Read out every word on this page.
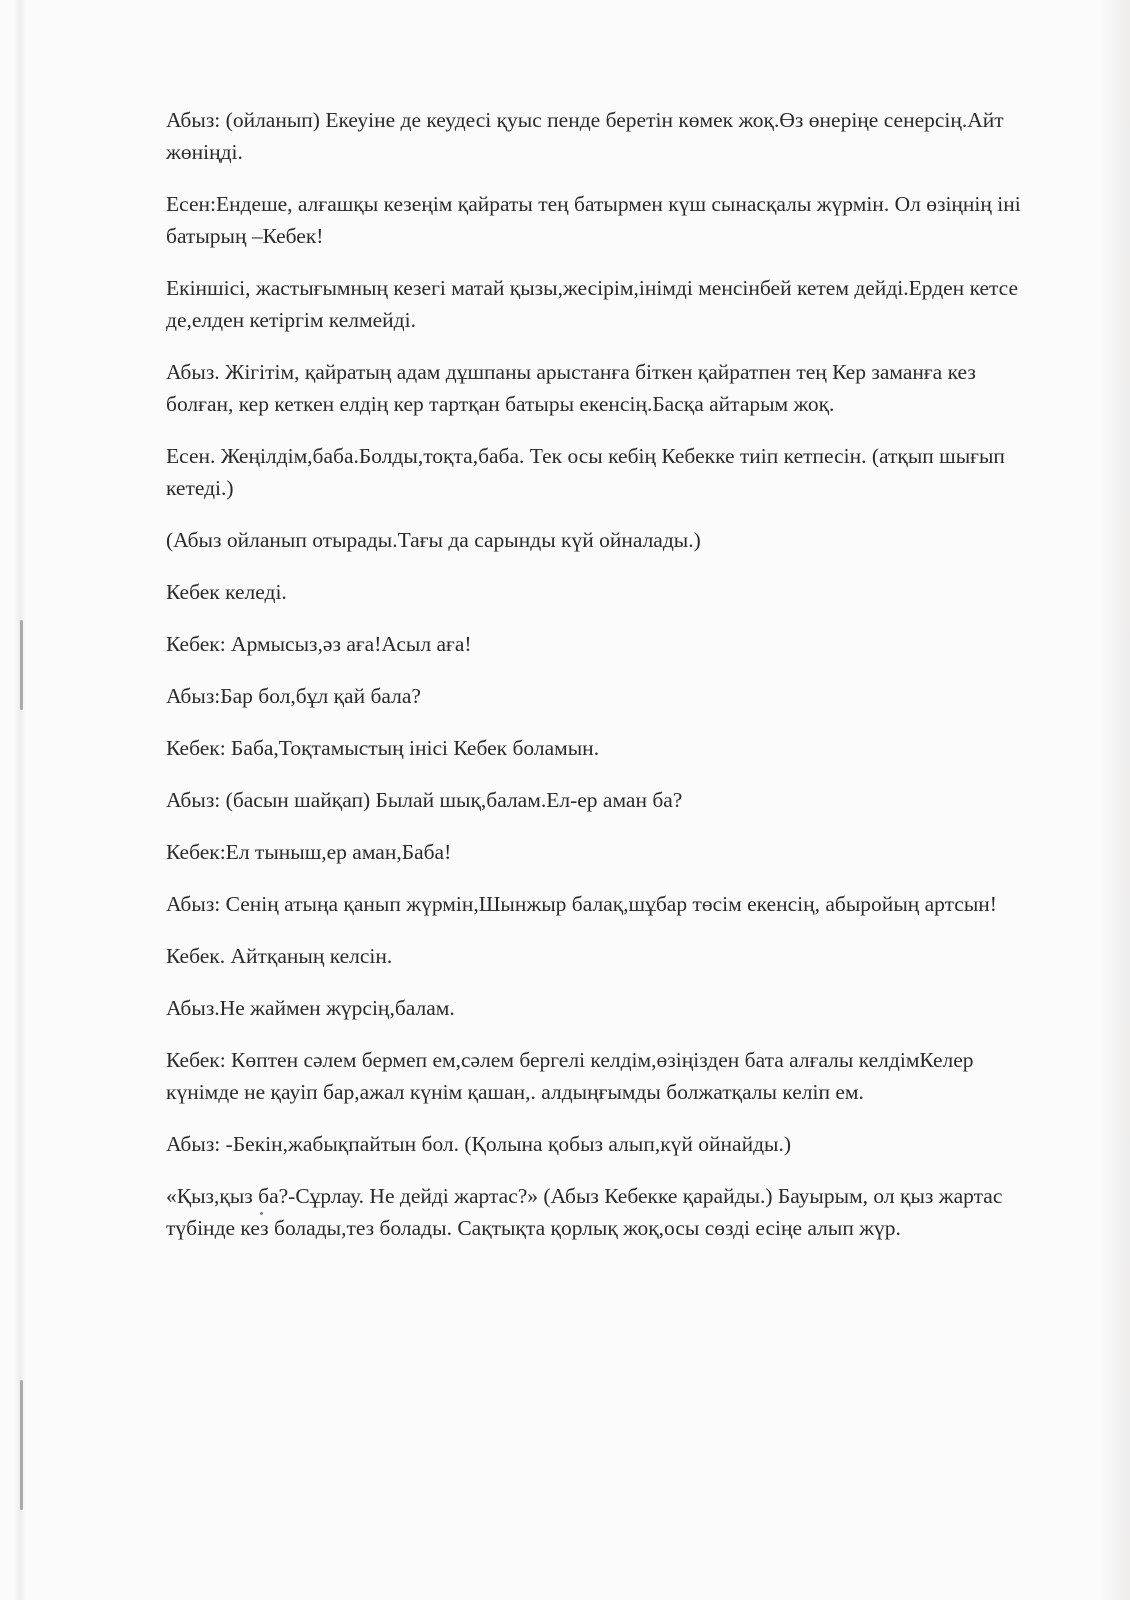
Абыз: (ойланып) Екеуіне де кеудесі қуыс пенде беретін көмек жоқ.Өз өнеріңе сенерсің.Айт жөніңді.

Есен:Ендеше, алғашқы кезеңім қайраты тең батырмен күш сынасқалы жүрмін. Ол өзіңнің іні батырың –Кебек!

Екіншісі, жастығымның кезегі матай қызы,жесірім,інімді менсінбей кетем дейді.Ерден кетсе де,елден кетіргім келмейді.

Абыз. Жігітім, қайратың адам дұшпаны арыстанға біткен қайратпен тең Кер заманға кез болған, кер кеткен елдің кер тартқан батыры екенсің.Басқа айтарым жоқ.

Есен. Жеңілдім,баба.Болды,тоқта,баба. Тек осы кебің Кебекке тиіп кетпесін. (атқып шығып кетеді.)

(Абыз ойланып отырады.Тағы да сарынды күй ойналады.)

Кебек келеді.

Кебек: Армысыз,әз аға!Асыл аға!

Абыз:Бар бол,бұл қай бала?

Кебек: Баба,Тоқтамыстың інісі Кебек боламын.

Абыз: (басын шайқап) Былай шық,балам.Ел-ер аман ба?

Кебек:Ел тыныш,ер аман,Баба!

Абыз: Сенің атыңа қанып жүрмін,Шынжыр балақ,шұбар төсім екенсің, абыройың артсын!

Кебек. Айтқаның келсін.

Абыз.Не жаймен жүрсің,балам.

Кебек: Көптен сәлем бермеп ем,сәлем бергелі келдім,өзіңізден бата алғалы келдімКелер күнімде не қауіп бар,ажал күнім қашан,. алдыңғымды болжатқалы келіп ем.

Абыз: -Бекін,жабықпайтын бол. (Қолына қобыз алып,күй ойнайды.)

«Қыз,қыз ба?-Сұрлау. Не дейді жартас?» (Абыз Кебекке қарайды.) Бауырым, ол қыз жартас түбінде кез болады,тез болады. Сақтықта қорлық жоқ,осы сөзді есіңе алып жүр.
